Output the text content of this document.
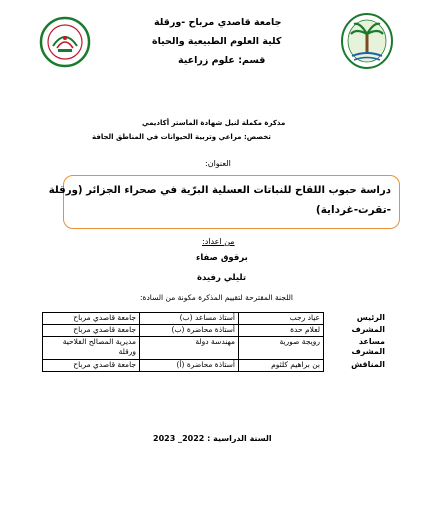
جامعة قاصدي مرباح -ورقلة
كلية العلوم الطبيعية والحياة
قسم: علوم زراعية
مذكرة مكملة لنيل شهادة الماستر أكاديمي
تخصص: مراعي وتربية الحيوانات في المناطق الجافة
العنوان:
دراسة حبوب اللقاح للنباتات العسلية البرّية في صحراء الجزائر (ورقلة
-تقرت-غرداية)
من اعداد:
برقوق صفاء
تليلي رفيدة
اللجنة المقترحة لتقييم المذكرة مكونة من السادة:
الرئيس	عياد رجب	أستاذ مساعد (ب)	جامعة قاصدي مرباح
المشرف	لعلام حدة	أستاذة محاضرة (ب)	جامعة قاصدي مرباح
مساعد المشرف	رويجة صورية	مهندسة دولة	مديرية المصالح الفلاحية ورقلة
المناقش	بن براهيم كلثوم	أستاذة محاضرة (أ)	جامعة قاصدي مرباح
السنة الدراسية : 2022_ 2023
